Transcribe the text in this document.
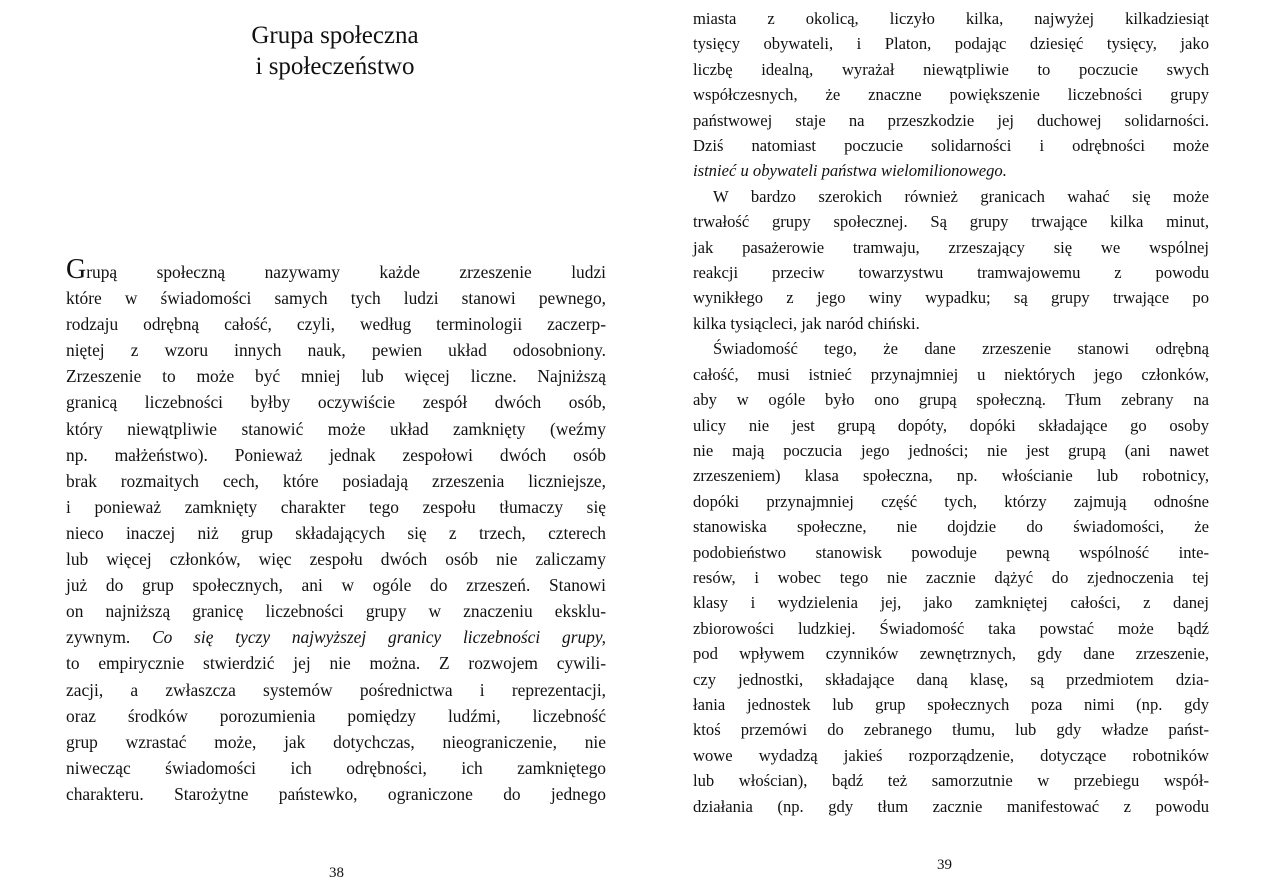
Grupa społeczna
i społeczeństwo
Grupą społeczną nazywamy każde zrzeszenie ludzi
które w świadomości samych tych ludzi stanowi pewnego,
rodzaju odrębną całość, czyli, według terminologii zaczerp-
niętej z wzoru innych nauk, pewien układ odosobniony.
Zrzeszenie to może być mniej lub więcej liczne. Najniższą
granicą liczebności byłby oczywiście zespół dwóch osób,
który niewątpliwie stanowić może układ zamknięty (weźmy
np. małżeństwo). Ponieważ jednak zespołowi dwóch osób
brak rozmaitych cech, które posiadają zrzeszenia liczniejsze,
i ponieważ zamknięty charakter tego zespołu tłumaczy się
nieco inaczej niż grup składających się z trzech, czterech
lub więcej członków, więc zespołu dwóch osób nie zaliczamy
już do grup społecznych, ani w ogóle do zrzeszeń. Stanowi
on najniższą granicę liczebności grupy w znaczeniu eksklu-
zywnym. Co się tyczy najwyższej granicy liczebności grupy,
to empirycznie stwierdzić jej nie można. Z rozwojem cywili-
zacji, a zwłaszcza systemów pośrednictwa i reprezentacji,
oraz środków porozumienia pomiędzy ludźmi, liczebność
grup wzrastać może, jak dotychczas, nieograniczenie, nie
niwecząc świadomości ich odrębności, ich zamkniętego
charakteru. Starożytne państewko, ograniczone do jednego
38
miasta z okolicą, liczyło kilka, najwyżej kilkadziesiąt
tysięcy obywateli, i Platon, podając dziesięć tysięcy, jako
liczbę idealną, wyrażał niewątpliwie to poczucie swych
współczesnych, że znaczne powiększenie liczebności grupy
państwowej staje na przeszkodzie jej duchowej solidarności.
Dziś natomiast poczucie solidarności i odrębności może
istnieć u obywateli państwa wielomilionowego.
W bardzo szerokich również granicach wahać się może
trwałość grupy społecznej. Są grupy trwające kilka minut,
jak pasażerowie tramwaju, zrzeszający się we wspólnej
reakcji przeciw towarzystwu tramwajowemu z powodu
wynikłego z jego winy wypadku; są grupy trwające po
kilka tysiącleci, jak naród chiński.
Świadomość tego, że dane zrzeszenie stanowi odrębną
całość, musi istnieć przynajmniej u niektórych jego członków,
aby w ogóle było ono grupą społeczną. Tłum zebrany na
ulicy nie jest grupą dopóty, dopóki składające go osoby
nie mają poczucia jego jedności; nie jest grupą (ani nawet
zrzeszeniem) klasa społeczna, np. włościanie lub robotnicy,
dopóki przynajmniej część tych, którzy zajmują odnośne
stanowiska społeczne, nie dojdzie do świadomości, że
podobieństwo stanowisk powoduje pewną wspólność inte-
resów, i wobec tego nie zacznie dążyć do zjednoczenia tej
klasy i wydzielenia jej, jako zamkniętej całości, z danej
zbiorowości ludzkiej. Świadomość taka powstać może bądź
pod wpływem czynników zewnętrznych, gdy dane zrzeszenie,
czy jednostki, składające daną klasę, są przedmiotem dzia-
łania jednostek lub grup społecznych poza nimi (np. gdy
ktoś przemówi do zebranego tłumu, lub gdy władze państ-
wowe wydadzą jakieś rozporządzenie, dotyczące robotników
lub włościan), bądź też samorzutnie w przebiegu współ-
działania (np. gdy tłum zacznie manifestować z powodu
39
